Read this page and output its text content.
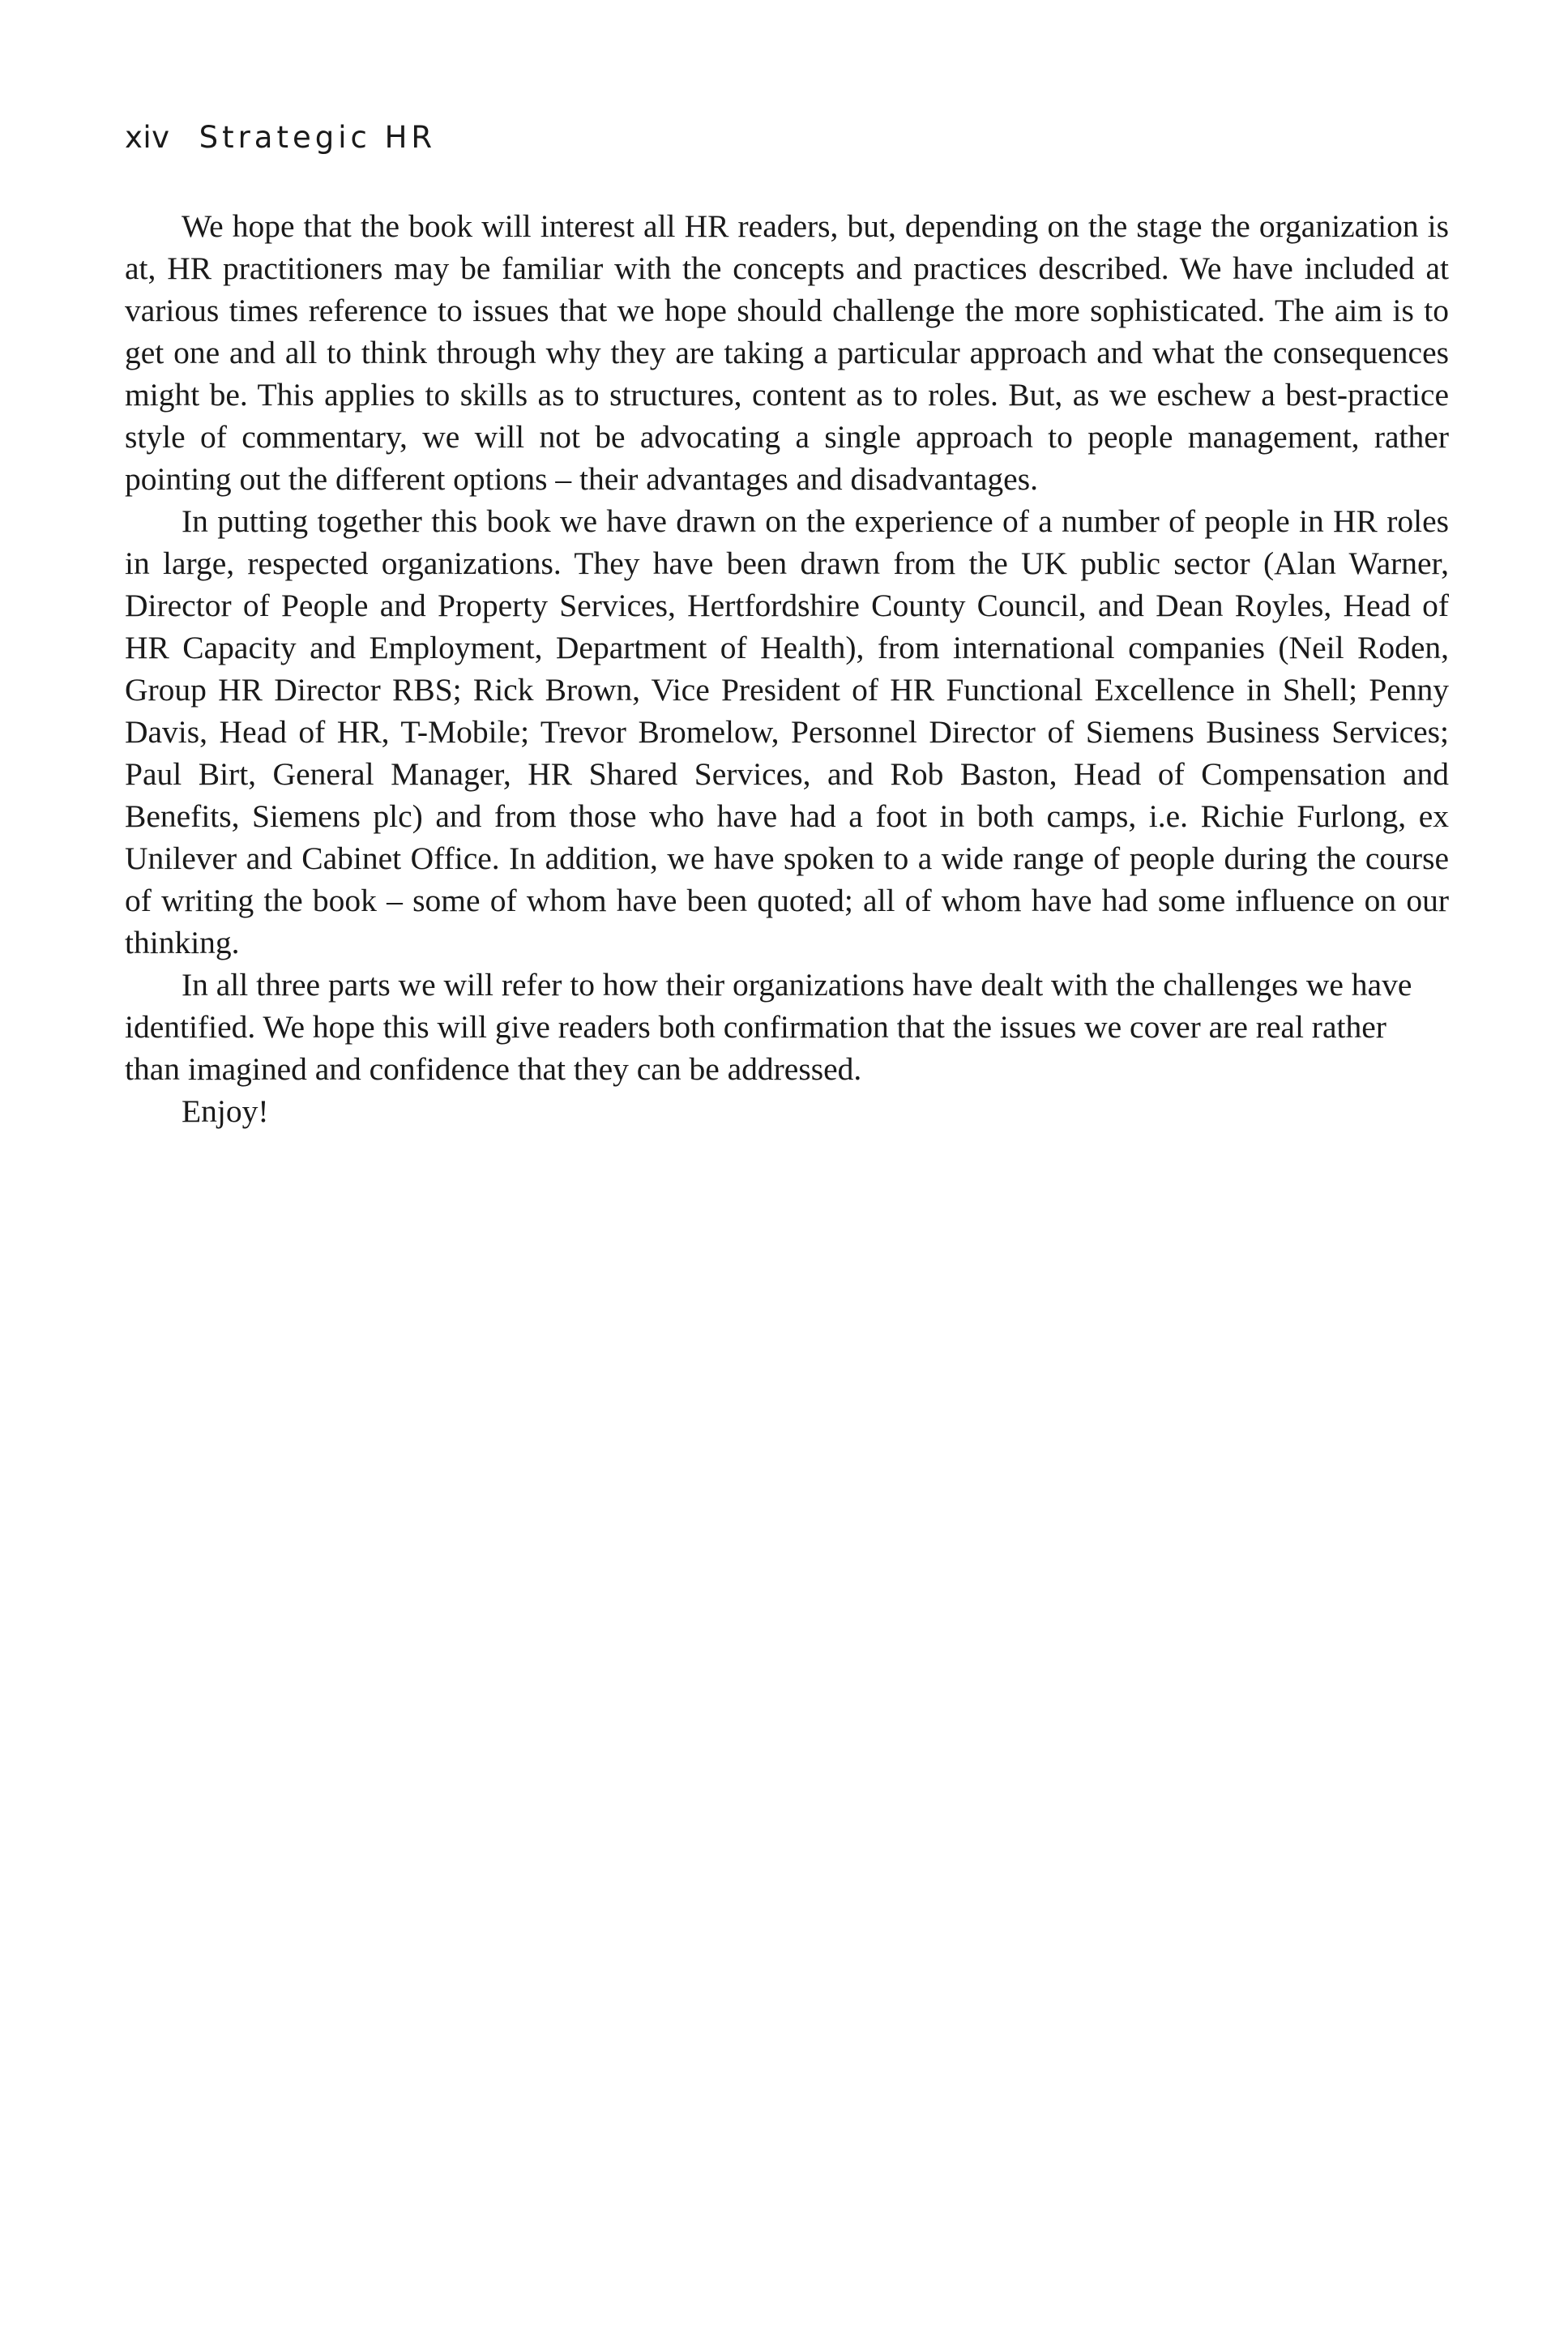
xiv Strategic HR

We hope that the book will interest all HR readers, but, depending on the stage the organization is at, HR practitioners may be familiar with the concepts and practices described. We have included at various times reference to issues that we hope should challenge the more sophisticated. The aim is to get one and all to think through why they are taking a particular approach and what the consequences might be. This applies to skills as to structures, content as to roles. But, as we eschew a best-practice style of commentary, we will not be advocating a single approach to people management, rather pointing out the different options – their advantages and disadvantages.

In putting together this book we have drawn on the experience of a number of people in HR roles in large, respected organizations. They have been drawn from the UK public sector (Alan Warner, Director of People and Property Services, Hertfordshire County Council, and Dean Royles, Head of HR Capacity and Employment, Department of Health), from international companies (Neil Roden, Group HR Director RBS; Rick Brown, Vice President of HR Functional Excellence in Shell; Penny Davis, Head of HR, T-Mobile; Trevor Bromelow, Personnel Director of Siemens Business Services; Paul Birt, General Manager, HR Shared Services, and Rob Baston, Head of Compensation and Benefits, Siemens plc) and from those who have had a foot in both camps, i.e. Richie Furlong, ex Unilever and Cabinet Office. In addition, we have spoken to a wide range of people during the course of writing the book – some of whom have been quoted; all of whom have had some influence on our thinking.

In all three parts we will refer to how their organizations have dealt with the challenges we have identified. We hope this will give readers both confirmation that the issues we cover are real rather than imagined and confidence that they can be addressed.

Enjoy!
